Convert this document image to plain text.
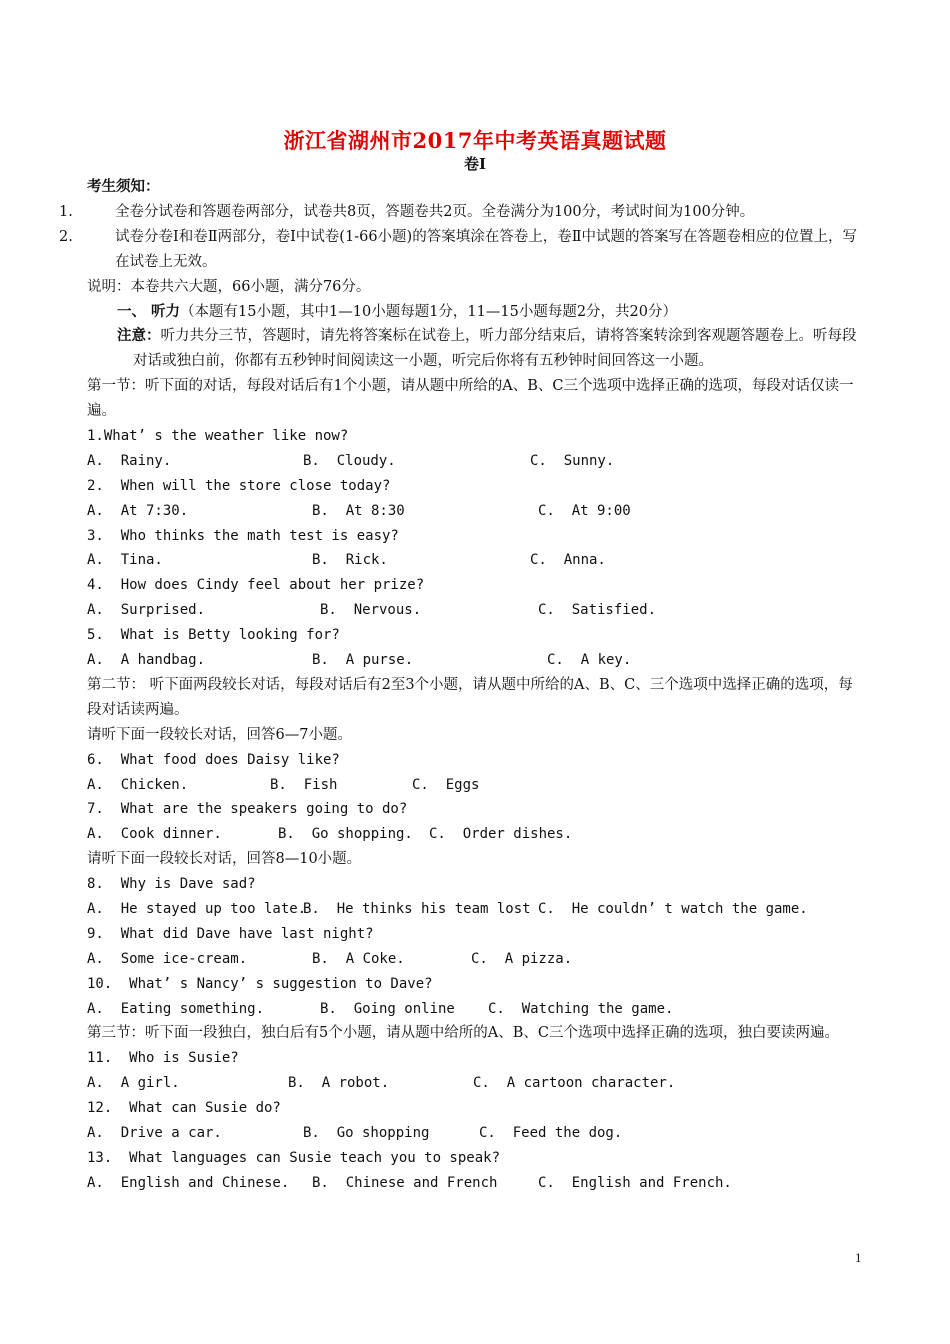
浙江省湖州市2017年中考英语真题试题
卷Ⅰ
考生须知：
1.	全卷分试卷和答题卷两部分，试卷共8页，答题卷共2页。全卷满分为100分，考试时间为100分钟。
2.	试卷分卷Ⅰ和卷Ⅱ两部分，卷Ⅰ中试卷(1-66小题)的答案填涂在答卷上，卷Ⅱ中试题的答案写在答题卷相应的位置上，写在试卷上无效。
说明：本卷共六大题，66小题，满分76分。
一、 听力（本题有15小题，其中1—10小题每题1分，11—15小题每题2分，共20分）
注意：听力共分三节，答题时，请先将答案标在试卷上，听力部分结束后，请将答案转涂到客观题答题卷上。听每段对话或独白前，你都有五秒钟时间阅读这一小题，听完后你将有五秒钟时间回答这一小题。
第一节：听下面的对话，每段对话后有1个小题，请从题中所给的A、B、C三个选项中选择正确的选项，每段对话仅读一遍。
1.What’ s the weather like now?
A.  Rainy.	B.  Cloudy.	C.  Sunny.
2.  When will the store close today?
A.  At 7:30.	B.  At 8:30	C.  At 9:00
3.  Who thinks the math test is easy?
A.  Tina.	B.  Rick.	C.  Anna.
4.  How does Cindy feel about her prize?
A.  Surprised.	B.  Nervous.	C.  Satisfied.
5.  What is Betty looking for?
A.  A handbag.	B.  A purse.	C.  A key.
第二节： 听下面两段较长对话，每段对话后有2至3个小题，请从题中所给的A、B、C、三个选项中选择正确的选项，每段对话读两遍。
请听下面一段较长对话，回答6—7小题。
6.  What food does Daisy like?
A.  Chicken.	B.  Fish	C.  Eggs
7.  What are the speakers going to do?
A.  Cook dinner.	B.  Go shopping.	C.  Order dishes.
请听下面一段较长对话，回答8—10小题。
8.  Why is Dave sad?
A.  He stayed up too late.
B.  He thinks his team lost C.  He couldn’ t watch the game.
9.  What did Dave have last night?
A.  Some ice-cream.	B.  A Coke.	C.  A pizza.
10.  What’ s Nancy’ s suggestion to Dave?
A.  Eating something.	B.  Going online	C.  Watching the game.
第三节：听下面一段独白，独白后有5个小题，请从题中给所的A、B、C三个选项中选择正确的选项，独白要读两遍。
11.  Who is Susie?
A.  A girl.	B.  A robot.	C.  A cartoon character.
12.  What can Susie do?
A.  Drive a car.	B.  Go shopping	C.  Feed the dog.
13.  What languages can Susie teach you to speak?
A.  English and Chinese.	B.  Chinese and French	C.  English and French.
1
